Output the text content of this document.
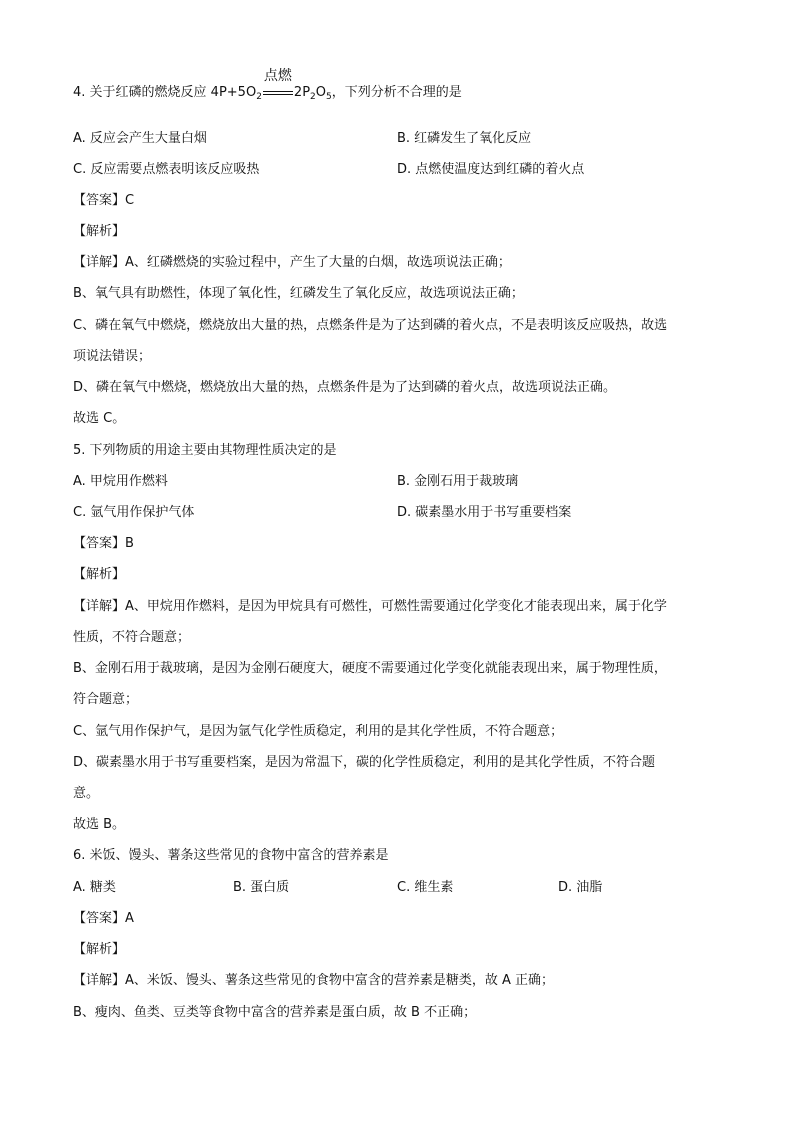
4. 关于红磷的燃烧反应 $4P+5O_2$
点燃
$2P_2O_5$，下列分析不合理的是
A. 反应会产生大量白烟	B. 红磷发生了氧化反应
C. 反应需要点燃表明该反应吸热	D. 点燃使温度达到红磷的着火点
【答案】C
【解析】
【详解】A、红磷燃烧的实验过程中，产生了大量的白烟，故选项说法正确；
B、氧气具有助燃性，体现了氧化性，红磷发生了氧化反应，故选项说法正确；
C、磷在氧气中燃烧，燃烧放出大量的热，点燃条件是为了达到磷的着火点，不是表明该反应吸热，故选
项说法错误；
D、磷在氧气中燃烧，燃烧放出大量的热，点燃条件是为了达到磷的着火点，故选项说法正确。
故选 C。
5. 下列物质的用途主要由其物理性质决定的是
A. 甲烷用作燃料	B. 金刚石用于裁玻璃
C. 氩气用作保护气体	D. 碳素墨水用于书写重要档案
【答案】B
【解析】
【详解】A、甲烷用作燃料，是因为甲烷具有可燃性，可燃性需要通过化学变化才能表现出来，属于化学
性质，不符合题意；
B、金刚石用于裁玻璃，是因为金刚石硬度大，硬度不需要通过化学变化就能表现出来，属于物理性质，
符合题意；
C、氩气用作保护气，是因为氩气化学性质稳定，利用的是其化学性质，不符合题意；
D、碳素墨水用于书写重要档案，是因为常温下，碳的化学性质稳定，利用的是其化学性质，不符合题
意。
故选 B。
6. 米饭、馒头、薯条这些常见的食物中富含的营养素是
A. 糖类	B. 蛋白质	C. 维生素	D. 油脂
【答案】A
【解析】
【详解】A、米饭、馒头、薯条这些常见的食物中富含的营养素是糖类，故 A 正确；
B、瘦肉、鱼类、豆类等食物中富含的营养素是蛋白质，故 B 不正确；
